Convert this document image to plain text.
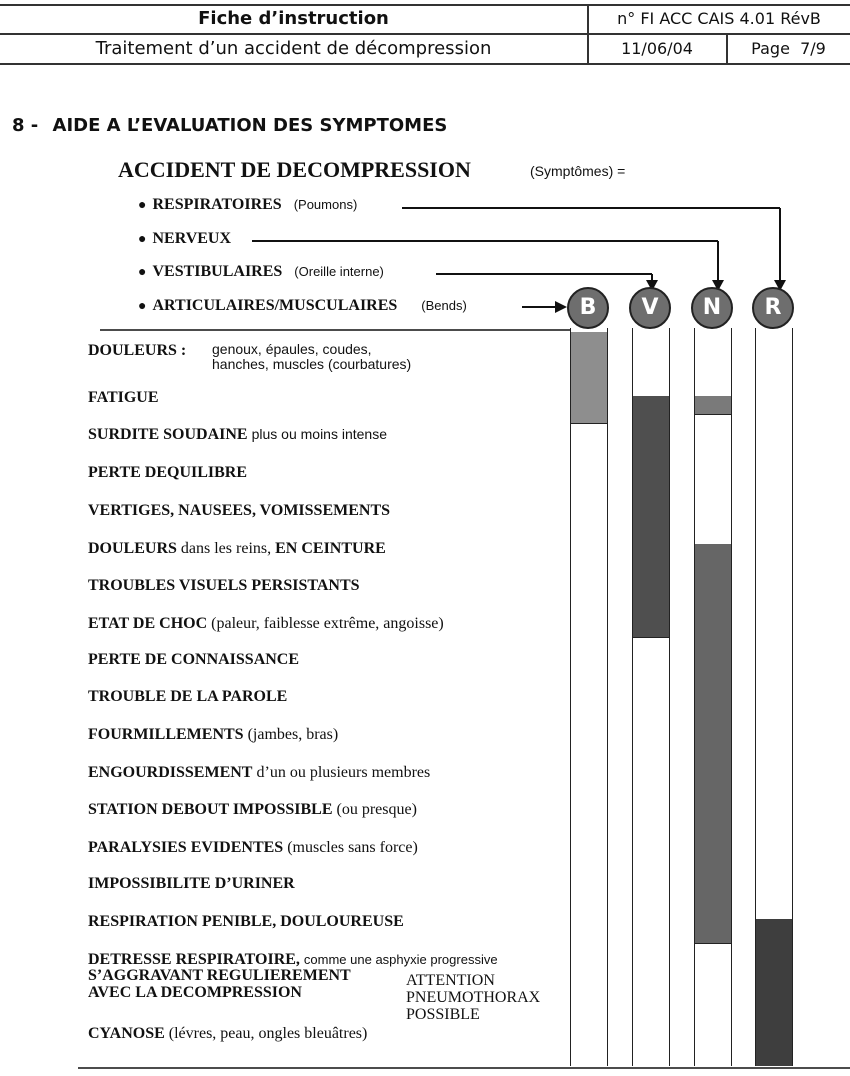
Fiche d’instruction	n° FI ACC CAIS 4.01 RévB
Traitement d’un accident de décompression	11/06/04	Page  7/9
8 - AIDE A L’EVALUATION DES SYMPTOMES
ACCIDENT DE DECOMPRESSION	(Symptômes) =
● RESPIRATOIRES (Poumons)
● NERVEUX
● VESTIBULAIRES (Oreille interne)
● ARTICULAIRES/MUSCULAIRES (Bends)	B	V	N	R
DOULEURS : genoux, épaules, coudes,
hanches, muscles (courbatures)
FATIGUE
SURDITE SOUDAINE plus ou moins intense
PERTE DEQUILIBRE
VERTIGES, NAUSEES, VOMISSEMENTS
DOULEURS dans les reins, EN CEINTURE
TROUBLES VISUELS PERSISTANTS
ETAT DE CHOC (paleur, faiblesse extrême, angoisse)
PERTE DE CONNAISSANCE
TROUBLE DE LA PAROLE
FOURMILLEMENTS (jambes, bras)
ENGOURDISSEMENT d’un ou plusieurs membres
STATION DEBOUT IMPOSSIBLE (ou presque)
PARALYSIES EVIDENTES (muscles sans force)
IMPOSSIBILITE D’URINER
RESPIRATION PENIBLE, DOULOUREUSE
DETRESSE RESPIRATOIRE, comme une asphyxie progressive
S’AGGRAVANT REGULIEREMENT
AVEC LA DECOMPRESSION
ATTENTION
PNEUMOTHORAX
POSSIBLE
CYANOSE (lévres, peau, ongles bleuâtres)
